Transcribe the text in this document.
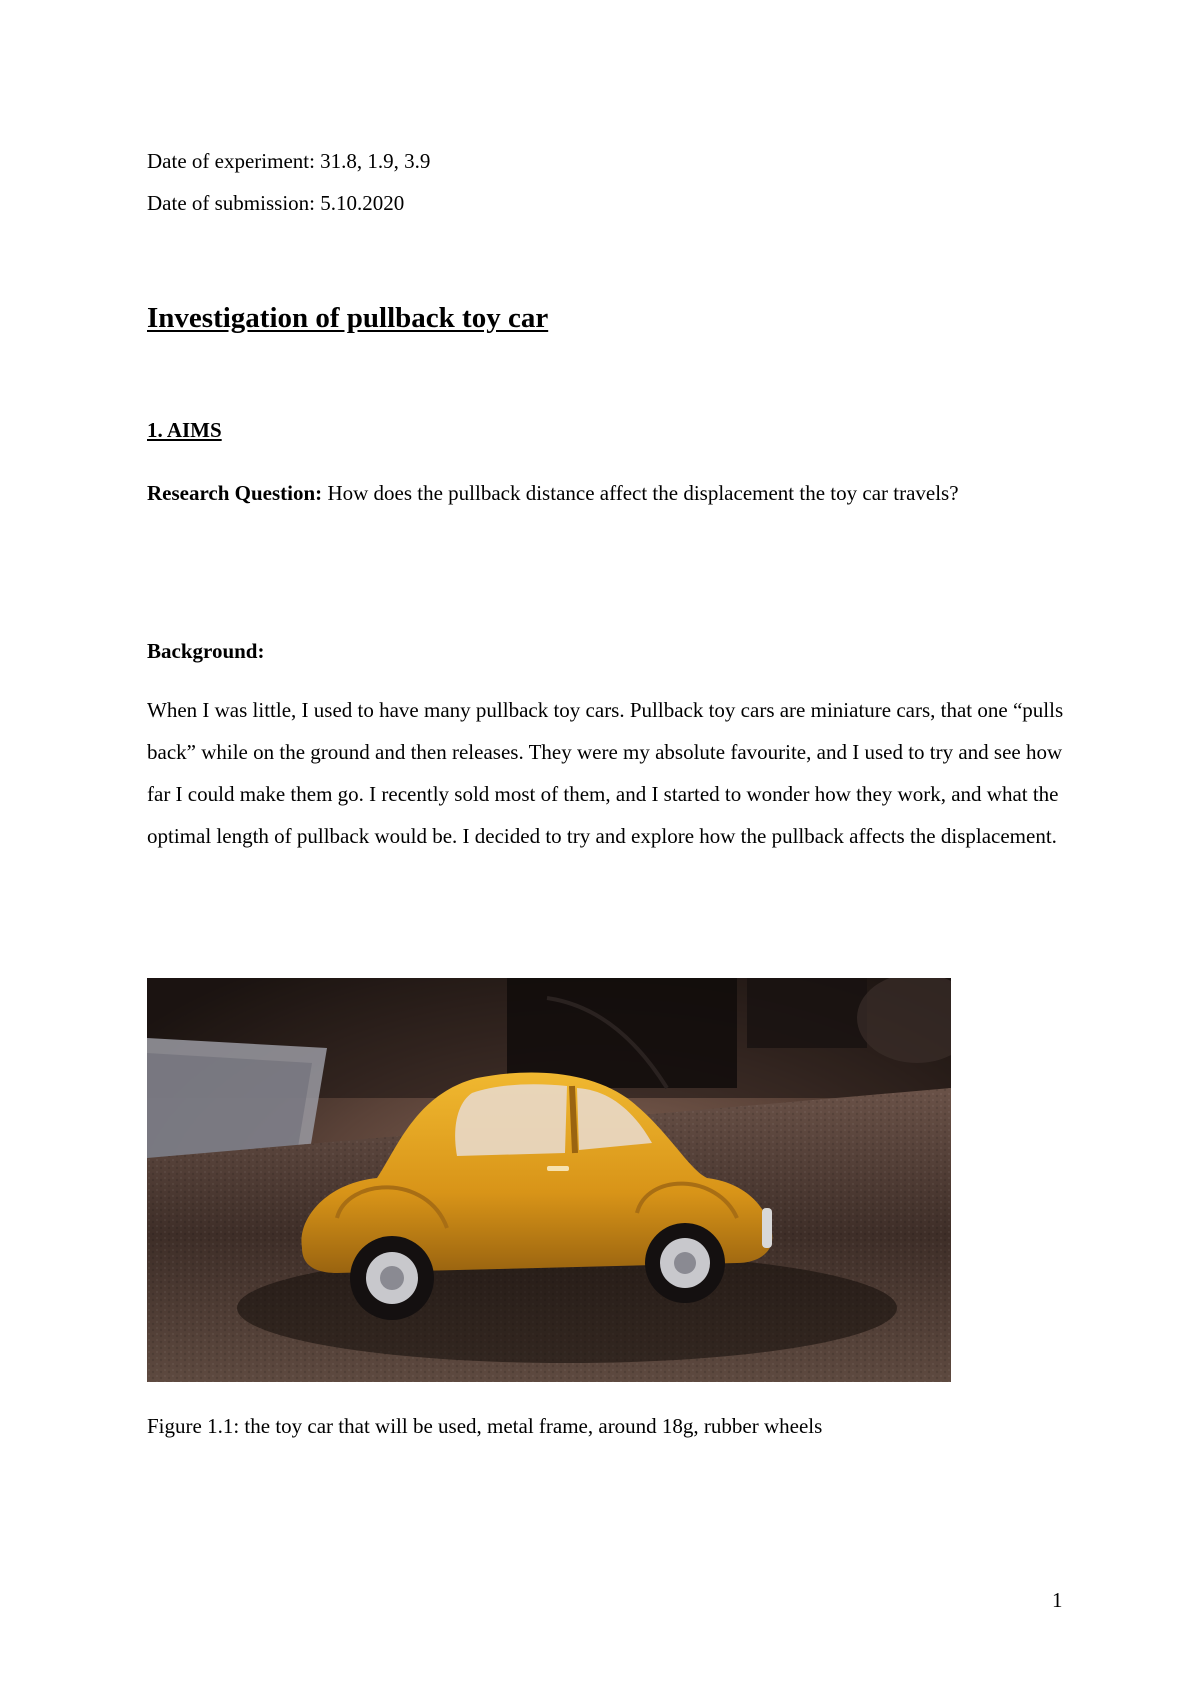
Date of experiment: 31.8, 1.9, 3.9
Date of submission: 5.10.2020
Investigation of pullback toy car
1. AIMS
Research Question: How does the pullback distance affect the displacement the toy car travels?
Background:
When I was little, I used to have many pullback toy cars. Pullback toy cars are miniature cars, that one “pulls back” while on the ground and then releases. They were my absolute favourite, and I used to try and see how far I could make them go. I recently sold most of them, and I started to wonder how they work, and what the optimal length of pullback would be. I decided to try and explore how the pullback affects the displacement.
Figure 1.1: the toy car that will be used, metal frame, around 18g, rubber wheels
1
